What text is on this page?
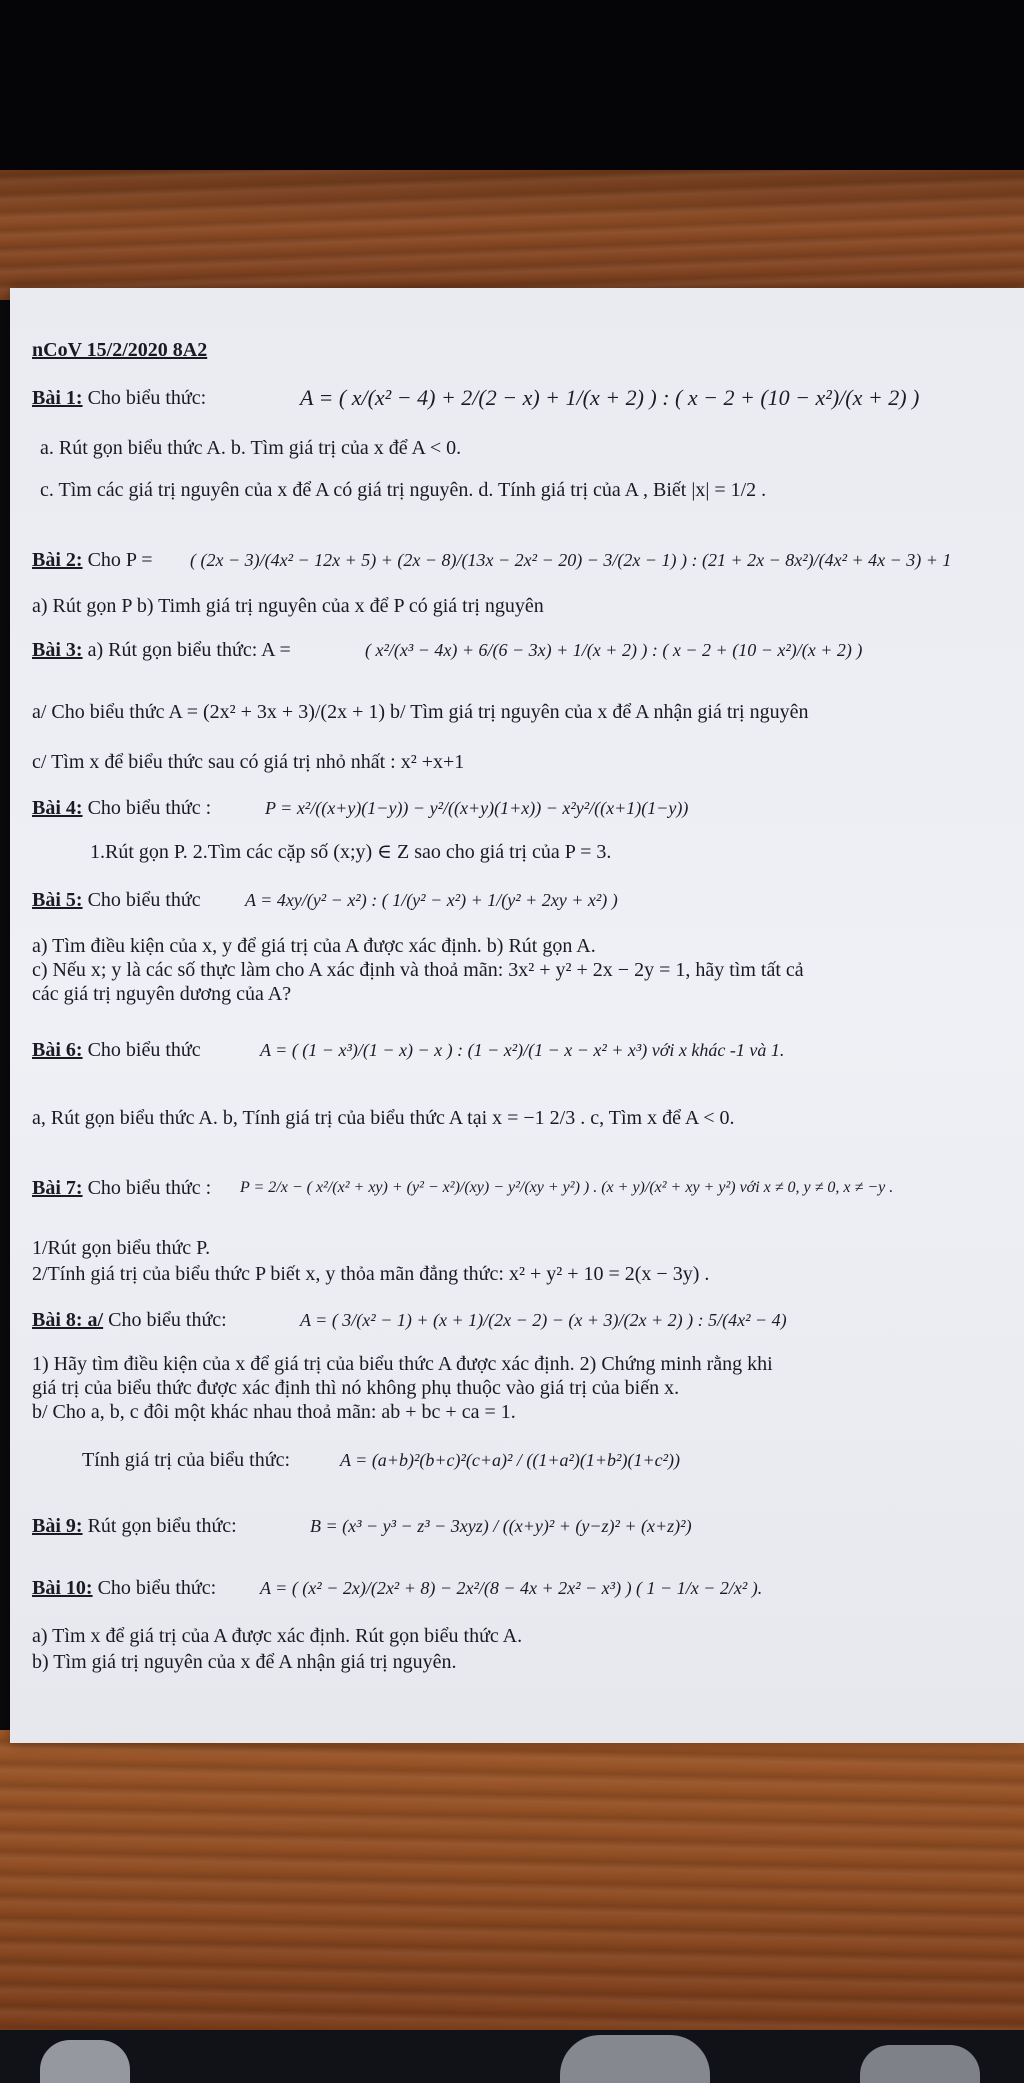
nCoV 15/2/2020 8A2
Bài 1: Cho biểu thức:	A = ( x/(x² − 4) + 2/(2 − x) + 1/(x + 2) ) : ( x − 2 + (10 − x²)/(x + 2) )
a. Rút gọn biểu thức A. b. Tìm giá trị của x để A < 0.
c. Tìm các giá trị nguyên của x để A có giá trị nguyên. d. Tính giá trị của A , Biết |x| = 1/2 .
Bài 2: Cho P = ( (2x − 3)/(4x² − 12x + 5) + (2x − 8)/(13x − 2x² − 20) − 3/(2x − 1) ) : (21 + 2x − 8x²)/(4x² + 4x − 3) + 1
a) Rút gọn P b) Timh giá trị nguyên của x để P có giá trị nguyên
Bài 3: a) Rút gọn biểu thức: A =	( x²/(x³ − 4x) + 6/(6 − 3x) + 1/(x + 2) ) : ( x − 2 + (10 − x²)/(x + 2) )
a/ Cho biểu thức A = (2x² + 3x + 3)/(2x + 1) b/ Tìm giá trị nguyên của x để A nhận giá trị nguyên
c/ Tìm x để biểu thức sau có giá trị nhỏ nhất : x² +x+1
Bài 4: Cho biểu thức :	P = x²/((x+y)(1−y)) − y²/((x+y)(1+x)) − x²y²/((x+1)(1−y))
1.Rút gọn P. 2.Tìm các cặp số (x;y) ∈ Z sao cho giá trị của P = 3.
Bài 5: Cho biểu thức A = 4xy/(y² − x²) : ( 1/(y² − x²) + 1/(y² + 2xy + x²) )
a) Tìm điều kiện của x, y để giá trị của A được xác định. b) Rút gọn A.
c) Nếu x; y là các số thực làm cho A xác định và thoả mãn: 3x² + y² + 2x − 2y = 1, hãy tìm tất cả
các giá trị nguyên dương của A?
Bài 6: Cho biểu thức	A = ( (1 − x³)/(1 − x) − x ) : (1 − x²)/(1 − x − x² + x³) với x khác -1 và 1.
a, Rút gọn biểu thức A. b, Tính giá trị của biểu thức A tại x = −1 2/3 . c, Tìm x để A < 0.
Bài 7: Cho biểu thức : P = 2/x − ( x²/(x² + xy) + (y² − x²)/(xy) − y²/(xy + y²) ) . (x + y)/(x² + xy + y²) với x ≠ 0, y ≠ 0, x ≠ −y .
1/Rút gọn biểu thức P.
2/Tính giá trị của biểu thức P biết x, y thỏa mãn đẳng thức: x² + y² + 10 = 2(x − 3y) .
Bài 8: a/ Cho biểu thức:	A = ( 3/(x² − 1) + (x + 1)/(2x − 2) − (x + 3)/(2x + 2) ) : 5/(4x² − 4)
1) Hãy tìm điều kiện của x để giá trị của biểu thức A được xác định. 2) Chứng minh rằng khi
giá trị của biểu thức được xác định thì nó không phụ thuộc vào giá trị của biến x.
b/ Cho a, b, c đôi một khác nhau thoả mãn: ab + bc + ca = 1.
Tính giá trị của biểu thức:	A = (a+b)²(b+c)²(c+a)² / ((1+a²)(1+b²)(1+c²))
Bài 9: Rút gọn biểu thức:	B = (x³ − y³ − z³ − 3xyz) / ((x+y)² + (y−z)² + (x+z)²)
Bài 10: Cho biểu thức: A = ( (x² − 2x)/(2x² + 8) − 2x²/(8 − 4x + 2x² − x³) ) ( 1 − 1/x − 2/x² ).
a) Tìm x để giá trị của A được xác định. Rút gọn biểu thức A.
b) Tìm giá trị nguyên của x để A nhận giá trị nguyên.
